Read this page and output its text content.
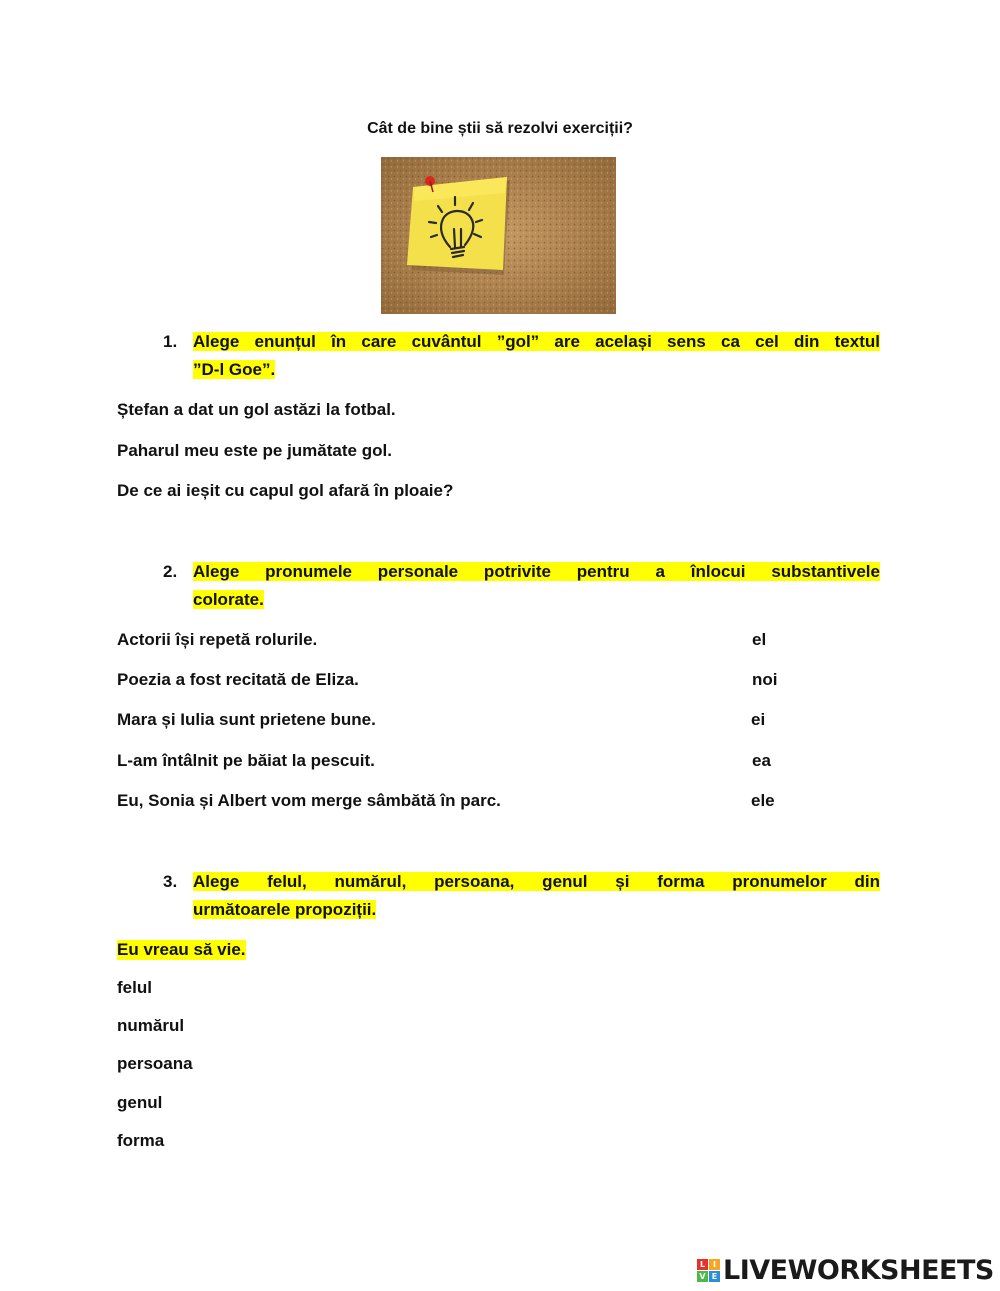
Cât de bine știi să rezolvi exerciții?
1. Alege enunțul în care cuvântul ”gol” are același sens ca cel din textul
”D-l Goe”.
Ștefan a dat un gol astăzi la fotbal.
Paharul meu este pe jumătate gol.
De ce ai ieșit cu capul gol afară în ploaie?
2. Alege pronumele personale potrivite pentru a înlocui substantivele
colorate.
Actorii își repetă rolurile.
Poezia a fost recitată de Eliza.
Mara și Iulia sunt prietene bune.
L-am întâlnit pe băiat la pescuit.
Eu, Sonia și Albert vom merge sâmbătă în parc.
el
noi
ei
ea
ele
3. Alege felul, numărul, persoana, genul și forma pronumelor din
următoarele propoziții.
Eu vreau să vie.
felul
numărul
persoana
genul
forma
L I
V E LIVEWORKSHEETS
